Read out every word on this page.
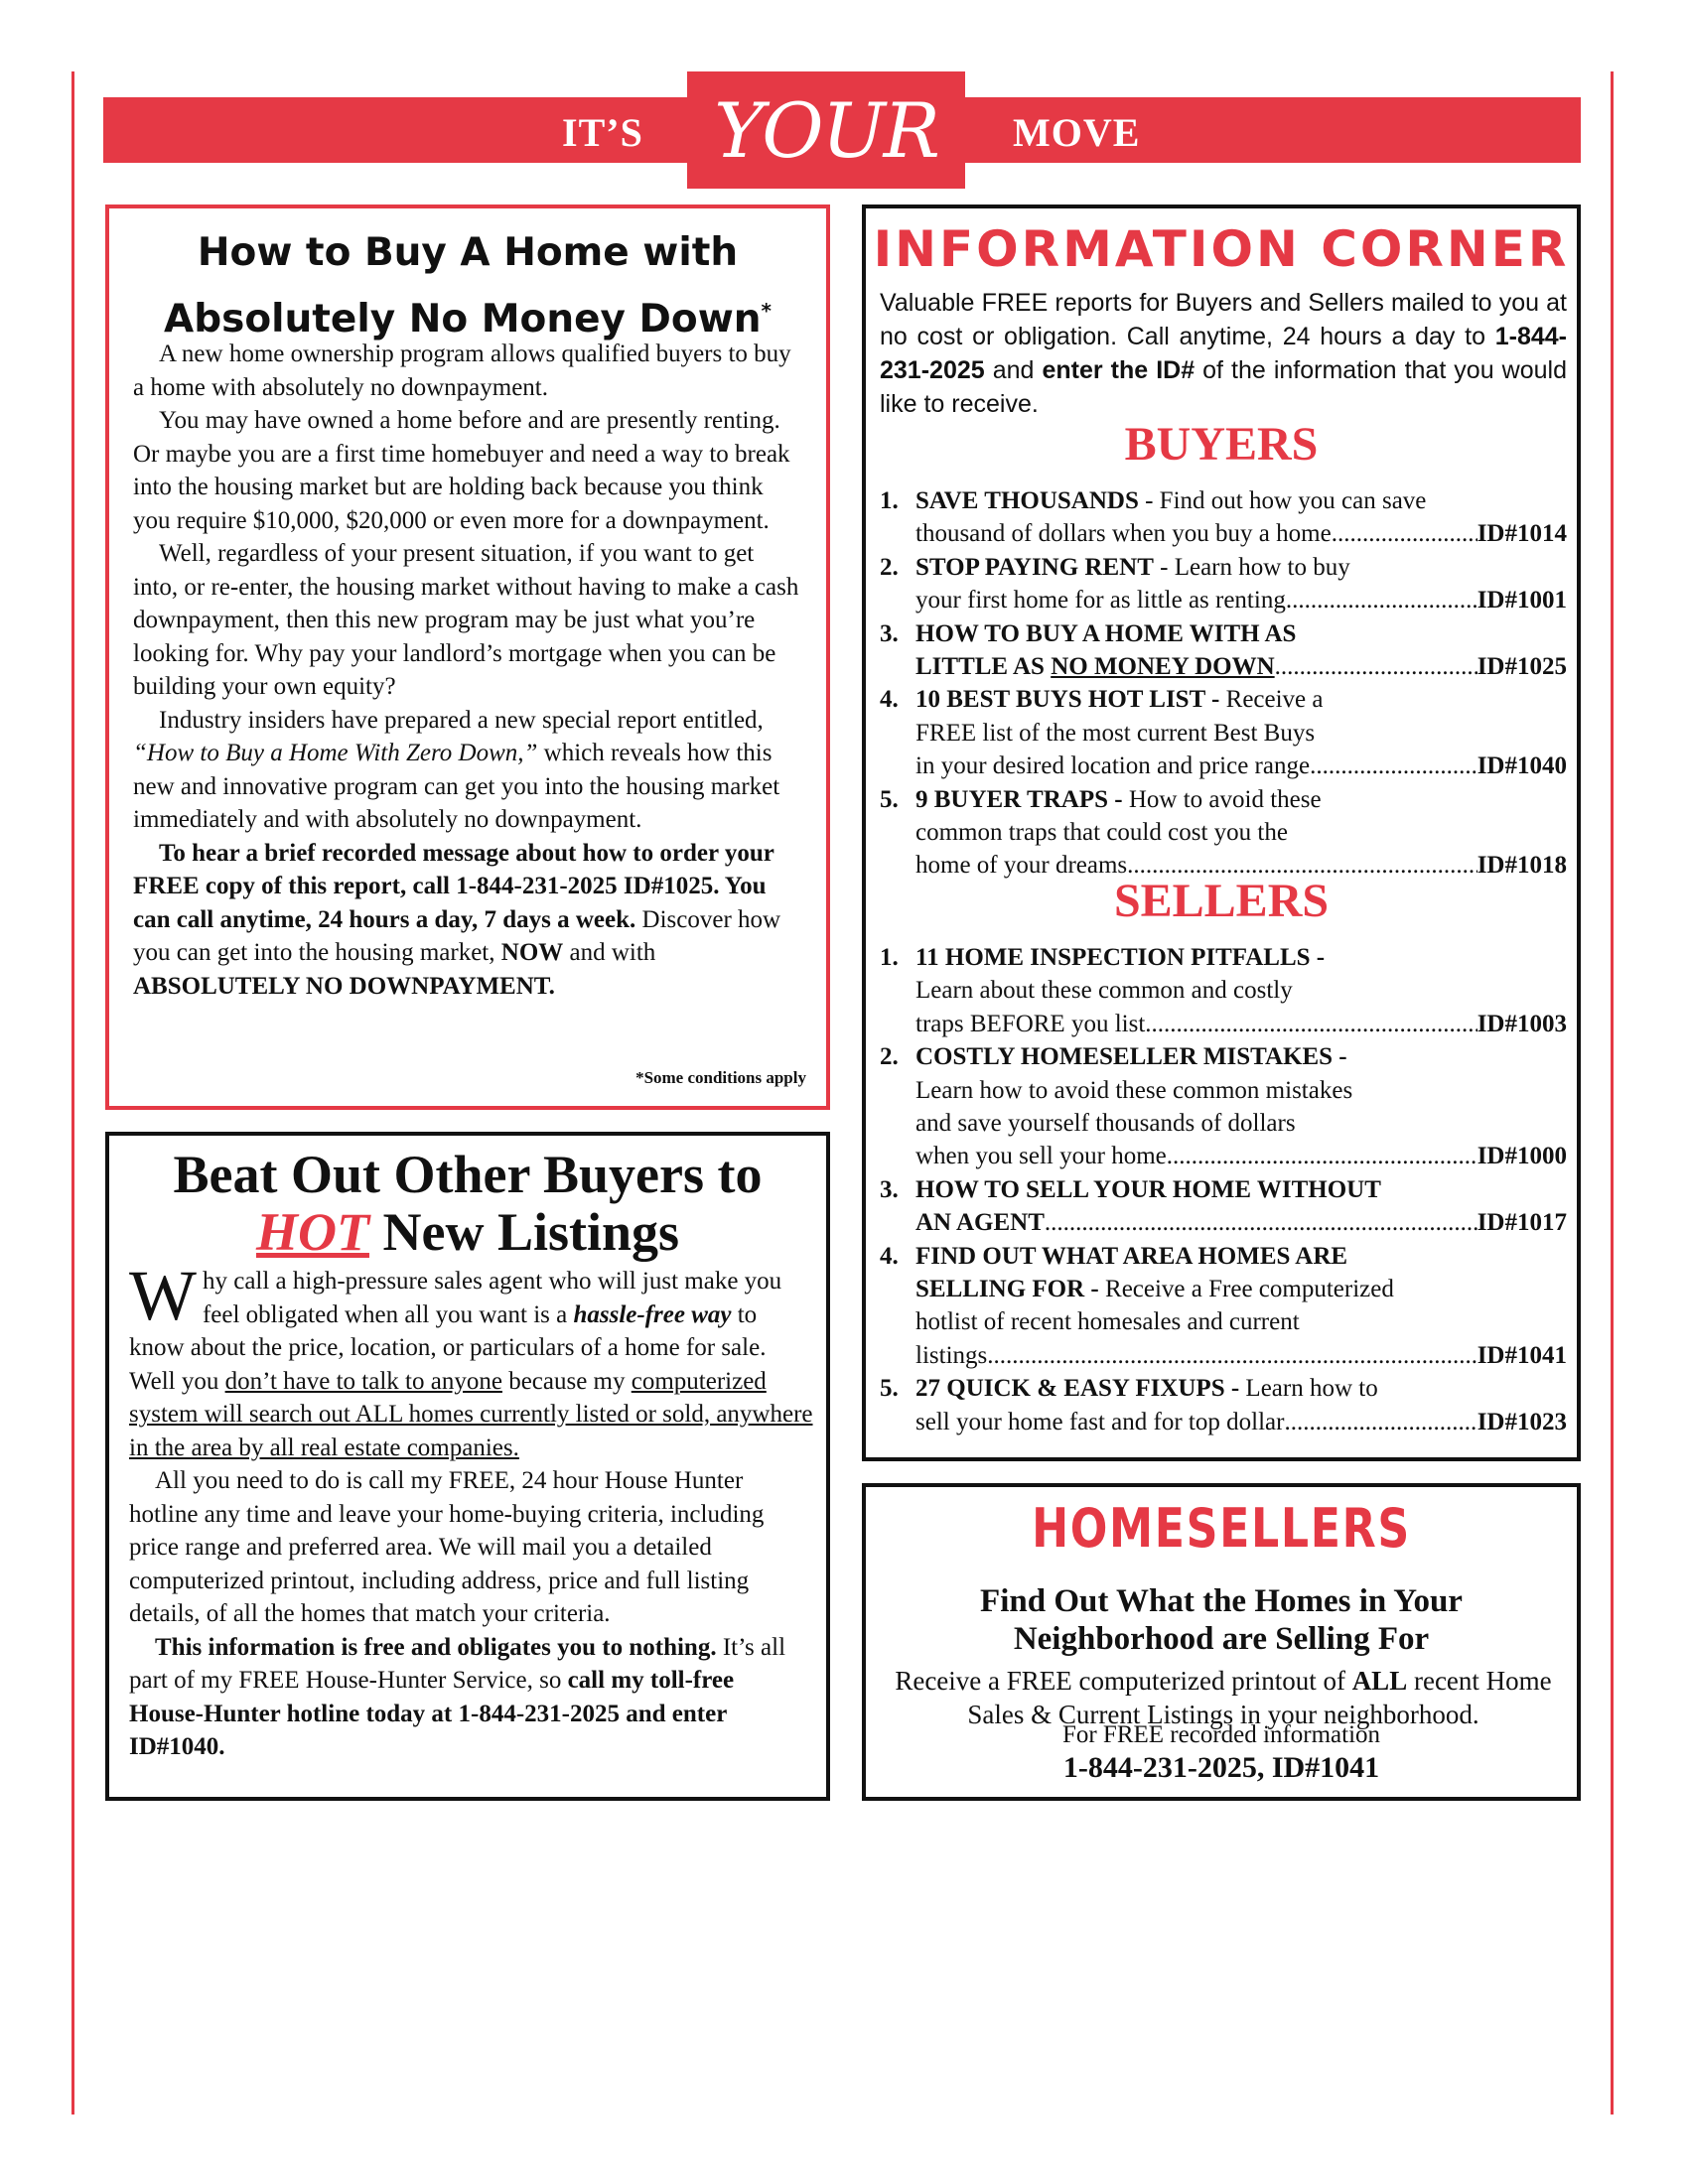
IT’S YOUR	MOVE
How to Buy A Home with
Absolutely No Money Down*

A new home ownership program allows qualified buyers to buy a home with absolutely no downpayment.

You may have owned a home before and are presently renting. Or maybe you are a first time homebuyer and need a way to break into the housing market but are holding back because you think you require $10,000, $20,000 or even more for a downpayment.

Well, regardless of your present situation, if you want to get into, or re-enter, the housing market without having to make a cash downpayment, then this new program may be just what you’re looking for. Why pay your landlord’s mortgage when you can be building your own equity?

Industry insiders have prepared a new special report entitled, “How to Buy a Home With Zero Down,” which reveals how this new and innovative program can get you into the housing market immediately and with absolutely no downpayment.

To hear a brief recorded message about how to order your FREE copy of this report, call 1-844-231-2025 ID#1025. You can call anytime, 24 hours a day, 7 days a week. Discover how you can get into the housing market, NOW and with ABSOLUTELY NO DOWNPAYMENT.

*Some conditions apply
Beat Out Other Buyers to
HOT New Listings

Why call a high-pressure sales agent who will just make you feel obligated when all you want is a hassle-free way to know about the price, location, or particulars of a home for sale. Well you don’t have to talk to anyone because my computerized system will search out ALL homes currently listed or sold, anywhere in the area by all real estate companies.

All you need to do is call my FREE, 24 hour House Hunter hotline any time and leave your home-buying criteria, including price range and preferred area. We will mail you a detailed computerized printout, including address, price and full listing details, of all the homes that match your criteria.

This information is free and obligates you to nothing. It’s all part of my FREE House-Hunter Service, so call my toll-free House-Hunter hotline today at 1-844-231-2025 and enter ID#1040.

INFORMATION CORNER
Valuable FREE reports for Buyers and Sellers mailed to you at no cost or obligation. Call anytime, 24 hours a day to 1-844-231-2025 and enter the ID# of the information that you would like to receive.
BUYERS
1. SAVE THOUSANDS - Find out how you can save
thousand of dollars when you buy a home .....	ID#1014
2. STOP PAYING RENT - Learn how to buy
your first home for as little as renting .....	ID#1001
3. HOW TO BUY A HOME WITH AS
LITTLE AS NO MONEY DOWN .....	ID#1025
4. 10 BEST BUYS HOT LIST - Receive a
FREE list of the most current Best Buys
in your desired location and price range .....	ID#1040
5. 9 BUYER TRAPS - How to avoid these
common traps that could cost you the
home of your dreams .....	ID#1018
SELLERS
1. 11 HOME INSPECTION PITFALLS -
Learn about these common and costly
traps BEFORE you list .....	ID#1003
2. COSTLY HOMESELLER MISTAKES -
Learn how to avoid these common mistakes
and save yourself thousands of dollars
when you sell your home .....	ID#1000
3. HOW TO SELL YOUR HOME WITHOUT
AN AGENT .....	ID#1017
4. FIND OUT WHAT AREA HOMES ARE
SELLING FOR - Receive a Free computerized
hotlist of recent homesales and current
listings .....	ID#1041
5. 27 QUICK & EASY FIXUPS - Learn how to
sell your home fast and for top dollar .....	ID#1023
HOMESELLERS
Find Out What the Homes in Your
Neighborhood are Selling For
Receive a FREE computerized printout of ALL recent Home Sales & Current Listings in your neighborhood.
For FREE recorded information
1-844-231-2025, ID#1041
